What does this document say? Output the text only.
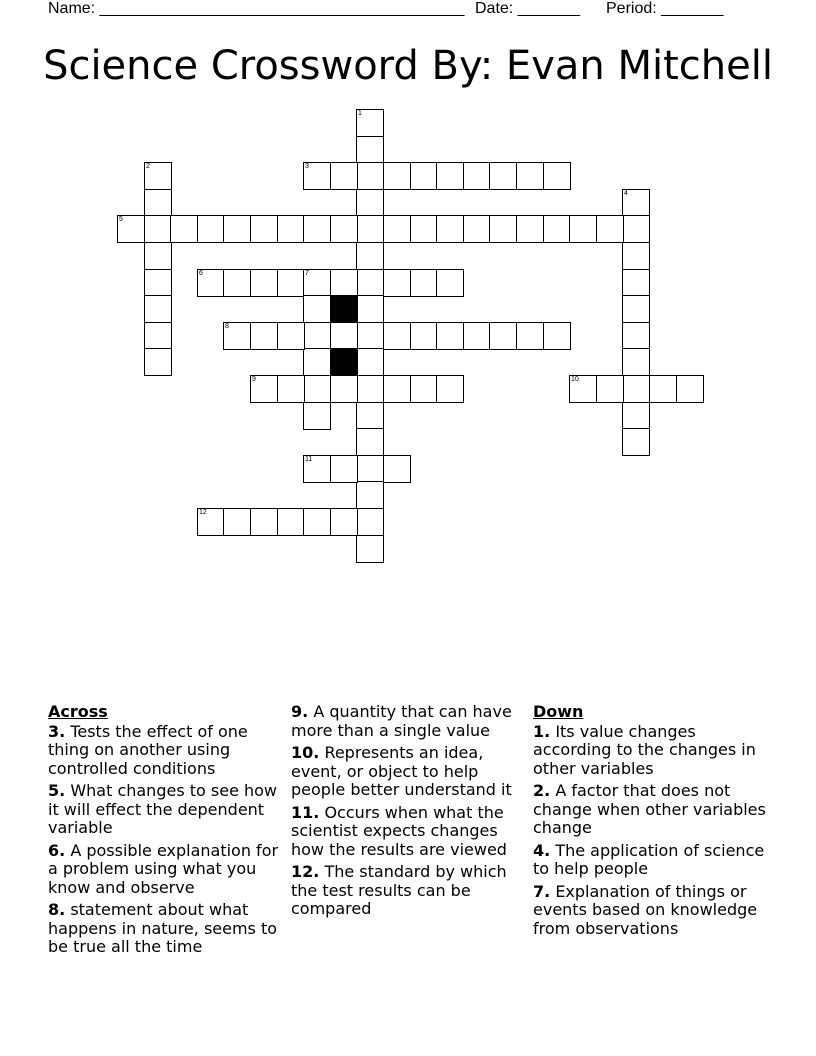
Name: _________________________________________ Date: _______ Period: _______
Science Crossword By: Evan Mitchell
1
2	3
4
5
6	7
8
9	10
11
12
Across
3. Tests the effect of one thing on another using controlled conditions
5. What changes to see how it will effect the dependent variable
6. A possible explanation for a problem using what you know and observe
8. statement about what happens in nature, seems to be true all the time
9. A quantity that can have more than a single value
10. Represents an idea, event, or object to help people better understand it
11. Occurs when what the scientist expects changes how the results are viewed
12. The standard by which the test results can be compared
Down
1. Its value changes according to the changes in other variables
2. A factor that does not change when other variables change
4. The application of science to help people
7. Explanation of things or events based on knowledge from observations
